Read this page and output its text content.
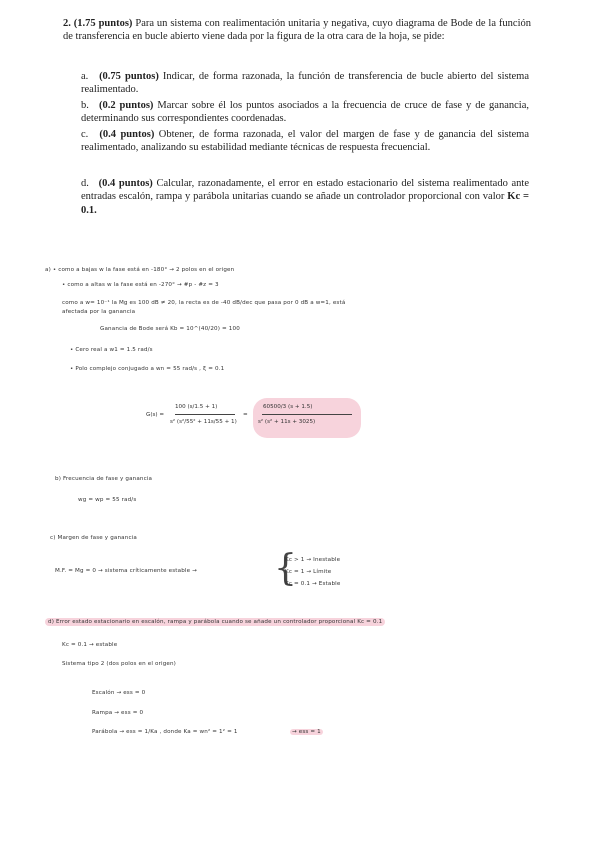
2. (1.75 puntos) Para un sistema con realimentación unitaria y negativa, cuyo diagrama de Bode de la función de transferencia en bucle abierto viene dada por la figura de la otra cara de la hoja, se pide:
a. (0.75 puntos) Indicar, de forma razonada, la función de transferencia de bucle abierto del sistema realimentado.
b. (0.2 puntos) Marcar sobre él los puntos asociados a la frecuencia de cruce de fase y de ganancia, determinando sus correspondientes coordenadas.
c. (0.4 puntos) Obtener, de forma razonada, el valor del margen de fase y de ganancia del sistema realimentado, analizando su estabilidad mediante técnicas de respuesta frecuencial.
d. (0.4 puntos) Calcular, razonadamente, el error en estado estacionario del sistema realimentado ante entradas escalón, rampa y parábola unitarias cuando se añade un controlador proporcional con valor Kc = 0.1.
a) • como a bajas w la fase está en -180° → 2 polos en el origen
• como a altas w la fase está en -270° → #p - #z = 3
como a w= 10⁻¹ la Mg es 100 dB ≠ 20, la recta es de -40 dB/dec que pasa por 0 dB a w=1, está
afectada por la ganancia
Ganancia de Bode será Kb = 10^(40/20) = 100
• Cero real a w1 = 1.5 rad/s
• Polo complejo conjugado a wn = 55 rad/s , ξ = 0.1
G(s) =
100 (s/1.5 + 1)
s² (s²/55² + 11s/55 + 1)
=
60500/3 (s + 1.5)
s² (s² + 11s + 3025)
b) Frecuencia de fase y ganancia
wg = wp = 55 rad/s
c) Margen de fase y ganancia
M.F. = Mg = 0 → sistema críticamente estable → {
Kc > 1 → Inestable
Kc = 1 → Límite
Kc = 0.1 → Estable
d) Error estado estacionario en escalón, rampa y parábola cuando se añade un controlador proporcional Kc = 0.1
Kc = 0.1 → estable
Sistema tipo 2 (dos polos en el origen)
Escalón → ess = 0
Rampa → ess = 0
Parábola → ess = 1/Ka , donde Ka = wn² = 1² = 1	→ ess = 1
